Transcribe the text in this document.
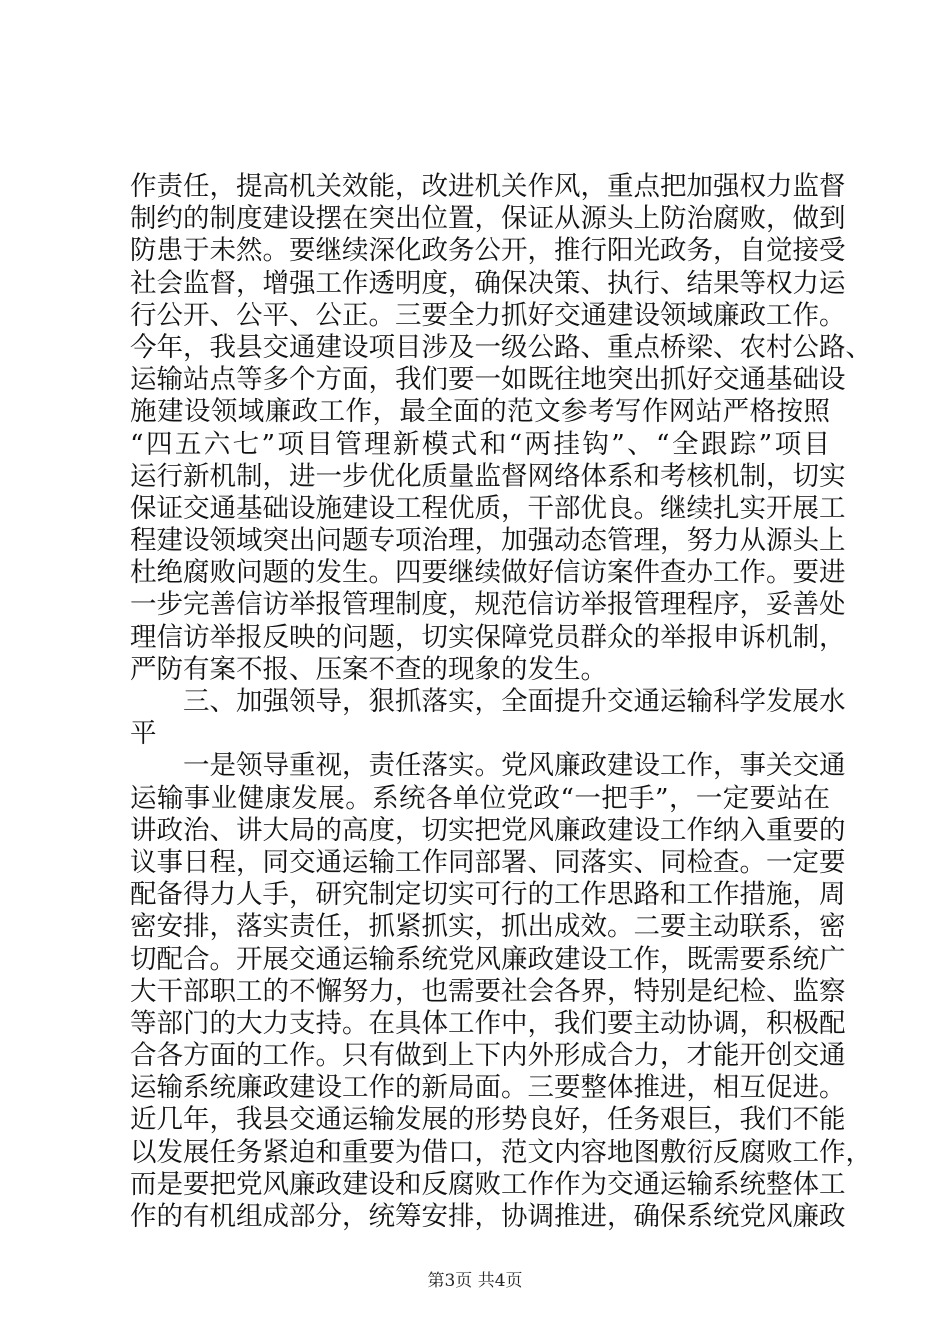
作责任，提高机关效能，改进机关作风，重点把加强权力监督
制约的制度建设摆在突出位置，保证从源头上防治腐败，做到
防患于未然。要继续深化政务公开，推行阳光政务，自觉接受
社会监督，增强工作透明度，确保决策、执行、结果等权力运
行公开、公平、公正。三要全力抓好交通建设领域廉政工作。
今年，我县交通建设项目涉及一级公路、重点桥梁、农村公路、
运输站点等多个方面，我们要一如既往地突出抓好交通基础设
施建设领域廉政工作，最全面的范文参考写作网站严格按照
“四五六七”项目管理新模式和“两挂钩”、“全跟踪”项目
运行新机制，进一步优化质量监督网络体系和考核机制，切实
保证交通基础设施建设工程优质，干部优良。继续扎实开展工
程建设领域突出问题专项治理，加强动态管理，努力从源头上
杜绝腐败问题的发生。四要继续做好信访案件查办工作。要进
一步完善信访举报管理制度，规范信访举报管理程序，妥善处
理信访举报反映的问题，切实保障党员群众的举报申诉机制，
严防有案不报、压案不查的现象的发生。
　　三、加强领导，狠抓落实，全面提升交通运输科学发展水
平
　　一是领导重视，责任落实。党风廉政建设工作，事关交通
运输事业健康发展。系统各单位党政“一把手”，一定要站在
讲政治、讲大局的高度，切实把党风廉政建设工作纳入重要的
议事日程，同交通运输工作同部署、同落实、同检查。一定要
配备得力人手，研究制定切实可行的工作思路和工作措施，周
密安排，落实责任，抓紧抓实，抓出成效。二要主动联系，密
切配合。开展交通运输系统党风廉政建设工作，既需要系统广
大干部职工的不懈努力，也需要社会各界，特别是纪检、监察
等部门的大力支持。在具体工作中，我们要主动协调，积极配
合各方面的工作。只有做到上下内外形成合力，才能开创交通
运输系统廉政建设工作的新局面。三要整体推进，相互促进。
近几年，我县交通运输发展的形势良好，任务艰巨，我们不能
以发展任务紧迫和重要为借口，范文内容地图敷衍反腐败工作，
而是要把党风廉政建设和反腐败工作作为交通运输系统整体工
作的有机组成部分，统筹安排，协调推进，确保系统党风廉政
第3页 共4页
